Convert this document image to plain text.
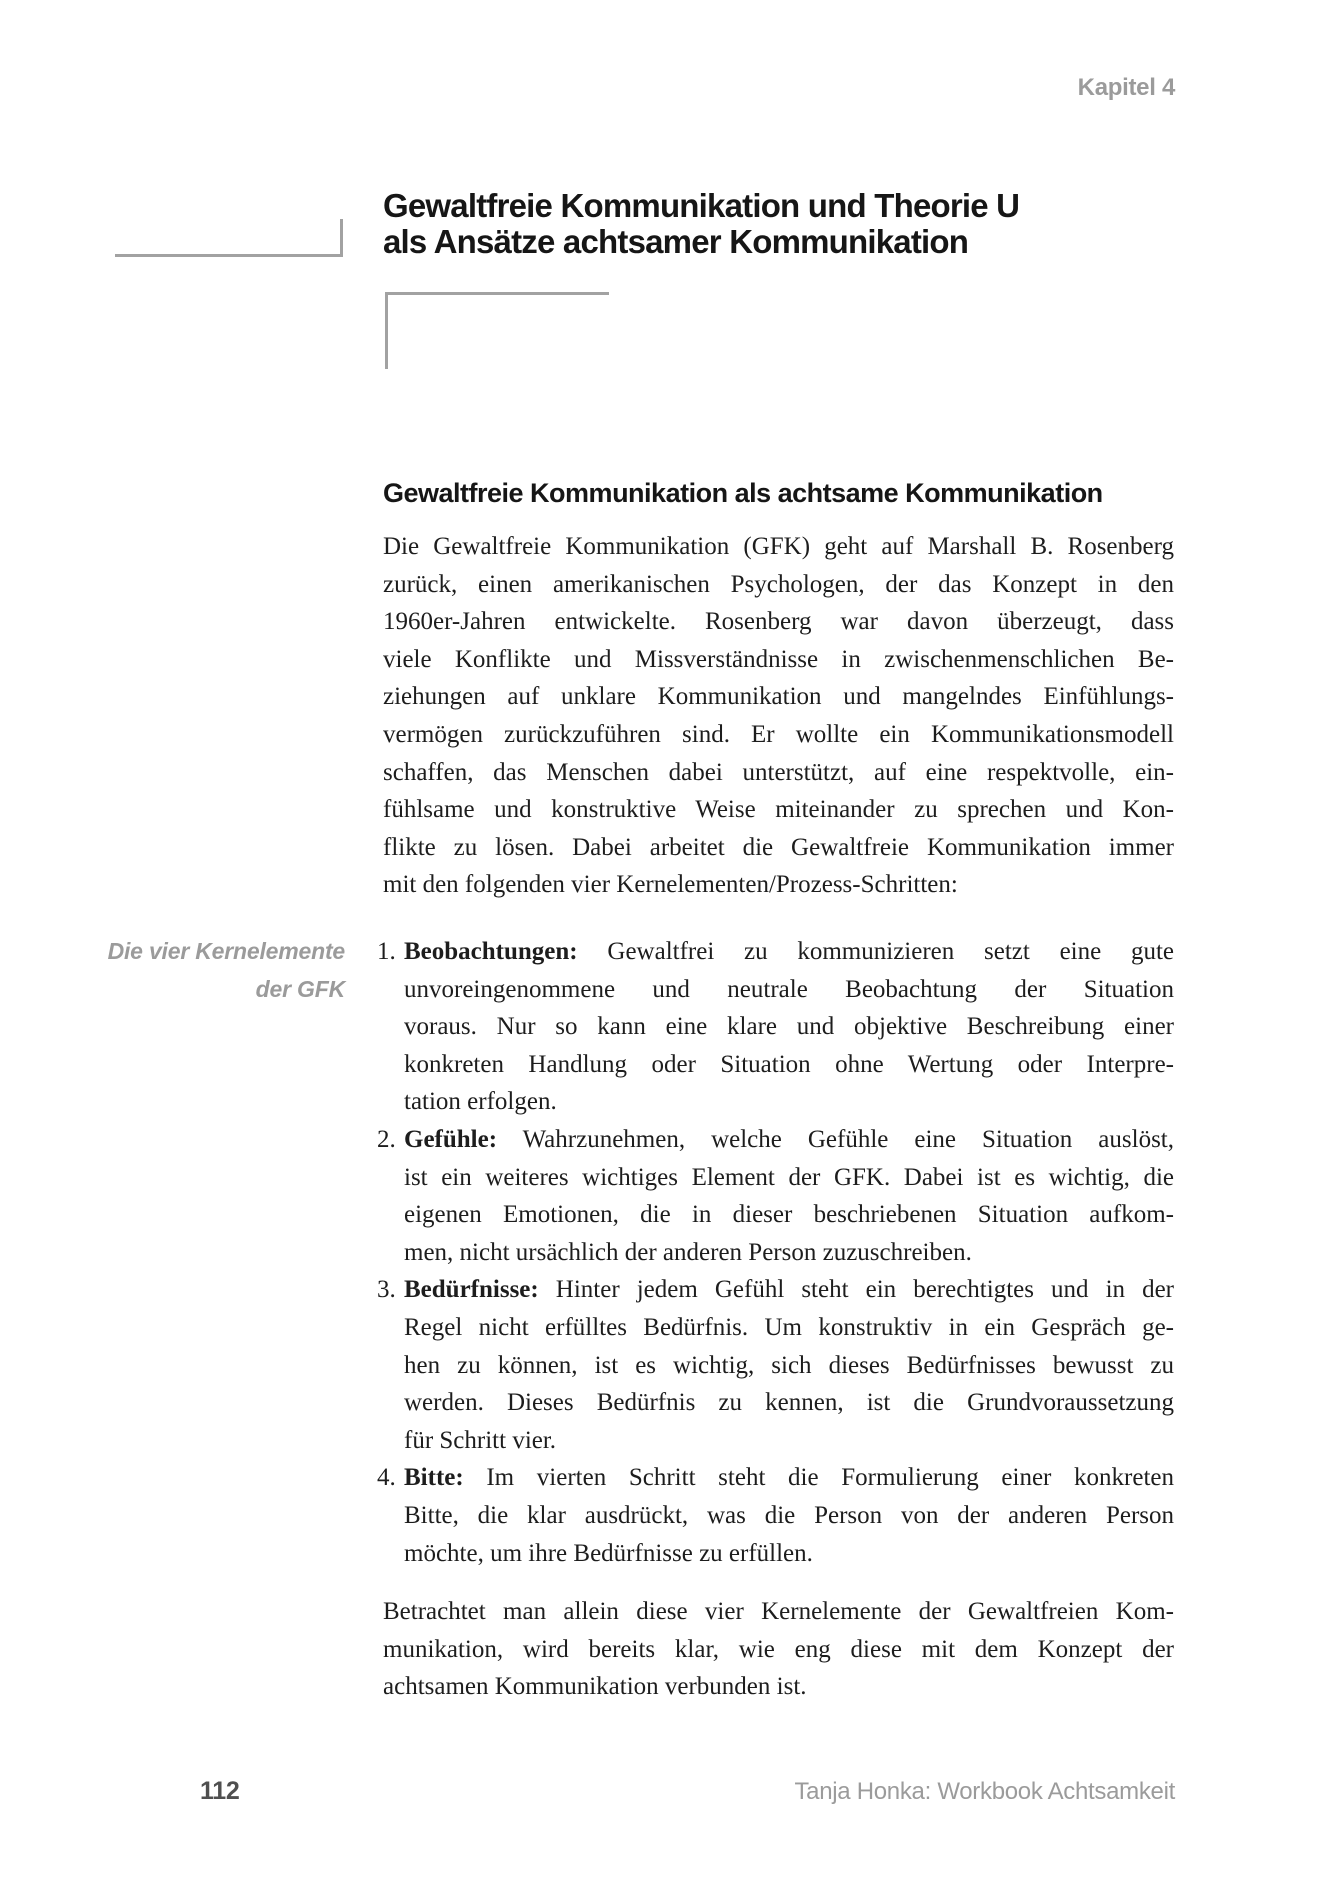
Kapitel 4
Gewaltfreie Kommunikation und Theorie U
als Ansätze achtsamer Kommunikation
Gewaltfreie Kommunikation als achtsame Kommunikation
Die Gewaltfreie Kommunikation (GFK) geht auf Marshall B. Rosenberg
zurück, einen amerikanischen Psychologen, der das Konzept in den
1960er-Jahren entwickelte. Rosenberg war davon überzeugt, dass
viele Konflikte und Missverständnisse in zwischenmenschlichen Be-
ziehungen auf unklare Kommunikation und mangelndes Einfühlungs-
vermögen zurückzuführen sind. Er wollte ein Kommunikationsmodell
schaffen, das Menschen dabei unterstützt, auf eine respektvolle, ein-
fühlsame und konstruktive Weise miteinander zu sprechen und Kon-
flikte zu lösen. Dabei arbeitet die Gewaltfreie Kommunikation immer
mit den folgenden vier Kernelementen/Prozess-Schritten:
Die vier Kernelemente
der GFK
1. Beobachtungen: Gewaltfrei zu kommunizieren setzt eine gute
unvoreingenommene und neutrale Beobachtung der Situation
voraus. Nur so kann eine klare und objektive Beschreibung einer
konkreten Handlung oder Situation ohne Wertung oder Interpre-
tation erfolgen.
2. Gefühle: Wahrzunehmen, welche Gefühle eine Situation auslöst,
ist ein weiteres wichtiges Element der GFK. Dabei ist es wichtig, die
eigenen Emotionen, die in dieser beschriebenen Situation aufkom-
men, nicht ursächlich der anderen Person zuzuschreiben.
3. Bedürfnisse: Hinter jedem Gefühl steht ein berechtigtes und in der
Regel nicht erfülltes Bedürfnis. Um konstruktiv in ein Gespräch ge-
hen zu können, ist es wichtig, sich dieses Bedürfnisses bewusst zu
werden. Dieses Bedürfnis zu kennen, ist die Grundvoraussetzung
für Schritt vier.
4. Bitte: Im vierten Schritt steht die Formulierung einer konkreten
Bitte, die klar ausdrückt, was die Person von der anderen Person
möchte, um ihre Bedürfnisse zu erfüllen.
Betrachtet man allein diese vier Kernelemente der Gewaltfreien Kom-
munikation, wird bereits klar, wie eng diese mit dem Konzept der
achtsamen Kommunikation verbunden ist.
112	Tanja Honka: Workbook Achtsamkeit
